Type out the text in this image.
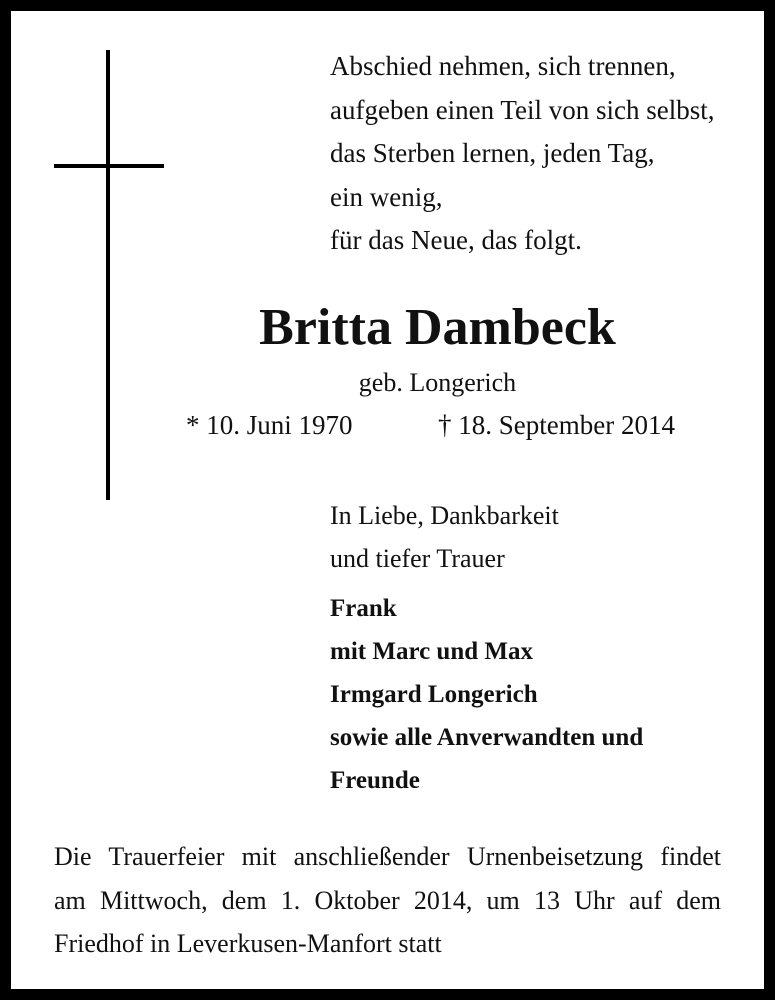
Abschied nehmen, sich trennen,
aufgeben einen Teil von sich selbst,
das Sterben lernen, jeden Tag,
ein wenig,
für das Neue, das folgt.
Britta Dambeck
geb. Longerich
* 10. Juni 1970	† 18. September 2014
In Liebe, Dankbarkeit
und tiefer Trauer
Frank
mit Marc und Max
Irmgard Longerich
sowie alle Anverwandten und
Freunde
Die Trauerfeier mit anschließender Urnenbeisetzung findet
am Mittwoch, dem 1. Oktober 2014, um 13 Uhr auf dem
Friedhof in Leverkusen-Manfort statt
